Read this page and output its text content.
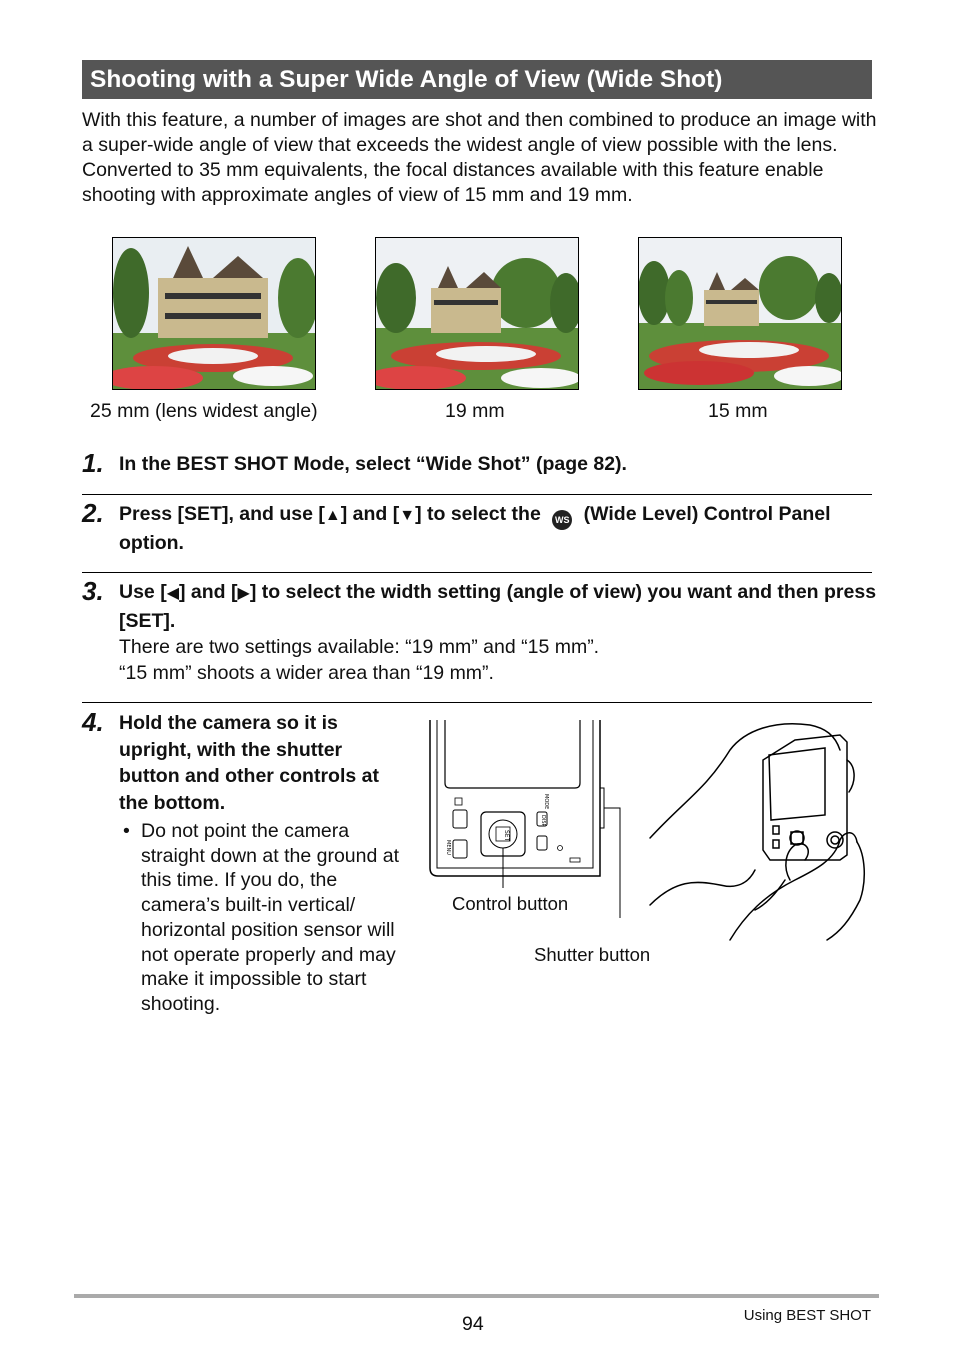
Shooting with a Super Wide Angle of View (Wide Shot)

With this feature, a number of images are shot and then combined to produce an image with a super-wide angle of view that exceeds the widest angle of view possible with the lens. Converted to 35 mm equivalents, the focal distances available with this feature enable shooting with approximate angles of view of 15 mm and 19 mm.

25 mm (lens widest angle)	19 mm	15 mm
1. In the BEST SHOT Mode, select “Wide Shot” (page 82).

2. Press [SET], and use [▲] and [▼] to select the WS (Wide Level) Control Panel option.

3. Use [◀] and [▶] to select the width setting (angle of view) you want and then press [SET].

There are two settings available: “19 mm” and “15 mm”.

“15 mm” shoots a wider area than “19 mm”.

4. Hold the camera so it is upright, with the shutter button and other controls at the bottom.

• Do not point the camera straight down at the ground at this time. If you do, the camera’s built-in vertical/ horizontal position sensor will not operate properly and may make it impossible to start shooting.

SET
MODE
DISP
MENU
Control button
Shutter button
94	Using BEST SHOT
